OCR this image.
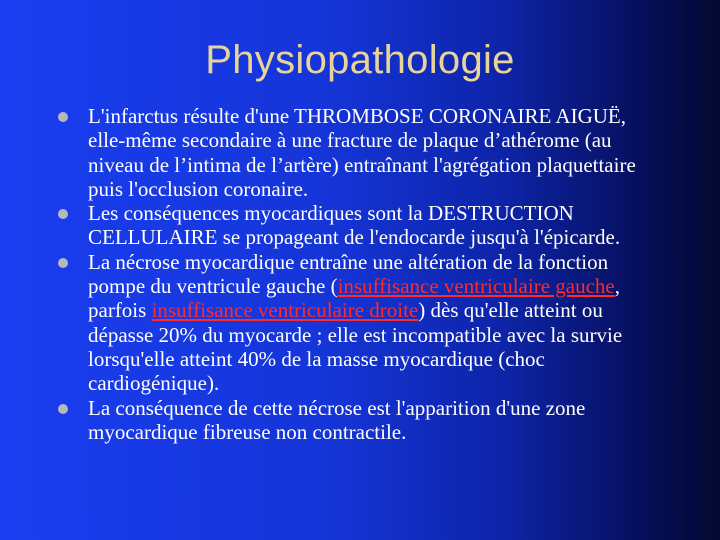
Physiopathologie
L'infarctus résulte d'une THROMBOSE CORONAIRE AIGUË, elle-même secondaire à une fracture de plaque d’athérome (au niveau de l’intima de l’artère) entraînant l'agrégation plaquettaire puis l'occlusion coronaire.
Les conséquences myocardiques sont la DESTRUCTION CELLULAIRE se propageant de l'endocarde jusqu'à l'épicarde.
La nécrose myocardique entraîne une altération de la fonction pompe du ventricule gauche (insuffisance ventriculaire gauche, parfois insuffisance ventriculaire droite) dès qu'elle atteint ou dépasse 20% du myocarde ; elle est incompatible avec la survie lorsqu'elle atteint 40% de la masse myocardique (choc cardiogénique).
La conséquence de cette nécrose est l'apparition d'une zone myocardique fibreuse non contractile.
